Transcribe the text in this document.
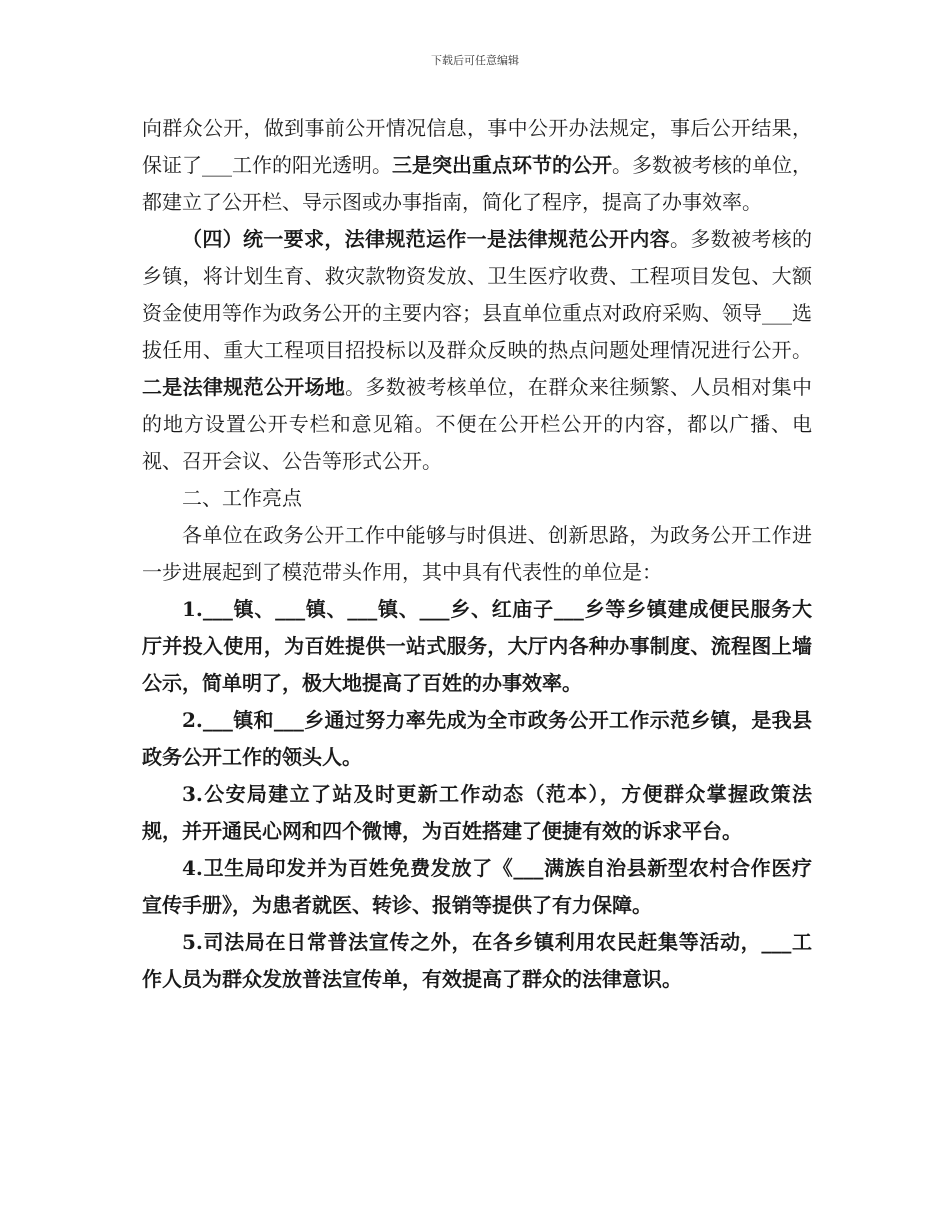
下载后可任意编辑

向群众公开，做到事前公开情况信息，事中公开办法规定，事后公开结果，保证了___工作的阳光透明。三是突出重点环节的公开。多数被考核的单位，都建立了公开栏、导示图或办事指南，简化了程序，提高了办事效率。

（四）统一要求，法律规范运作一是法律规范公开内容。多数被考核的乡镇，将计划生育、救灾款物资发放、卫生医疗收费、工程项目发包、大额资金使用等作为政务公开的主要内容；县直单位重点对政府采购、领导___选拔任用、重大工程项目招投标以及群众反映的热点问题处理情况进行公开。二是法律规范公开场地。多数被考核单位，在群众来往频繁、人员相对集中的地方设置公开专栏和意见箱。不便在公开栏公开的内容，都以广播、电视、召开会议、公告等形式公开。

二、工作亮点

各单位在政务公开工作中能够与时俱进、创新思路，为政务公开工作进一步进展起到了模范带头作用，其中具有代表性的单位是：

1.___镇、___镇、___镇、___乡、红庙子___乡等乡镇建成便民服务大厅并投入使用，为百姓提供一站式服务，大厅内各种办事制度、流程图上墙公示，简单明了，极大地提高了百姓的办事效率。

2.___镇和___乡通过努力率先成为全市政务公开工作示范乡镇，是我县政务公开工作的领头人。

3.公安局建立了站及时更新工作动态（范本），方便群众掌握政策法规，并开通民心网和四个微博，为百姓搭建了便捷有效的诉求平台。

4.卫生局印发并为百姓免费发放了《___满族自治县新型农村合作医疗宣传手册》，为患者就医、转诊、报销等提供了有力保障。

5.司法局在日常普法宣传之外，在各乡镇利用农民赶集等活动，___工作人员为群众发放普法宣传单，有效提高了群众的法律意识。
